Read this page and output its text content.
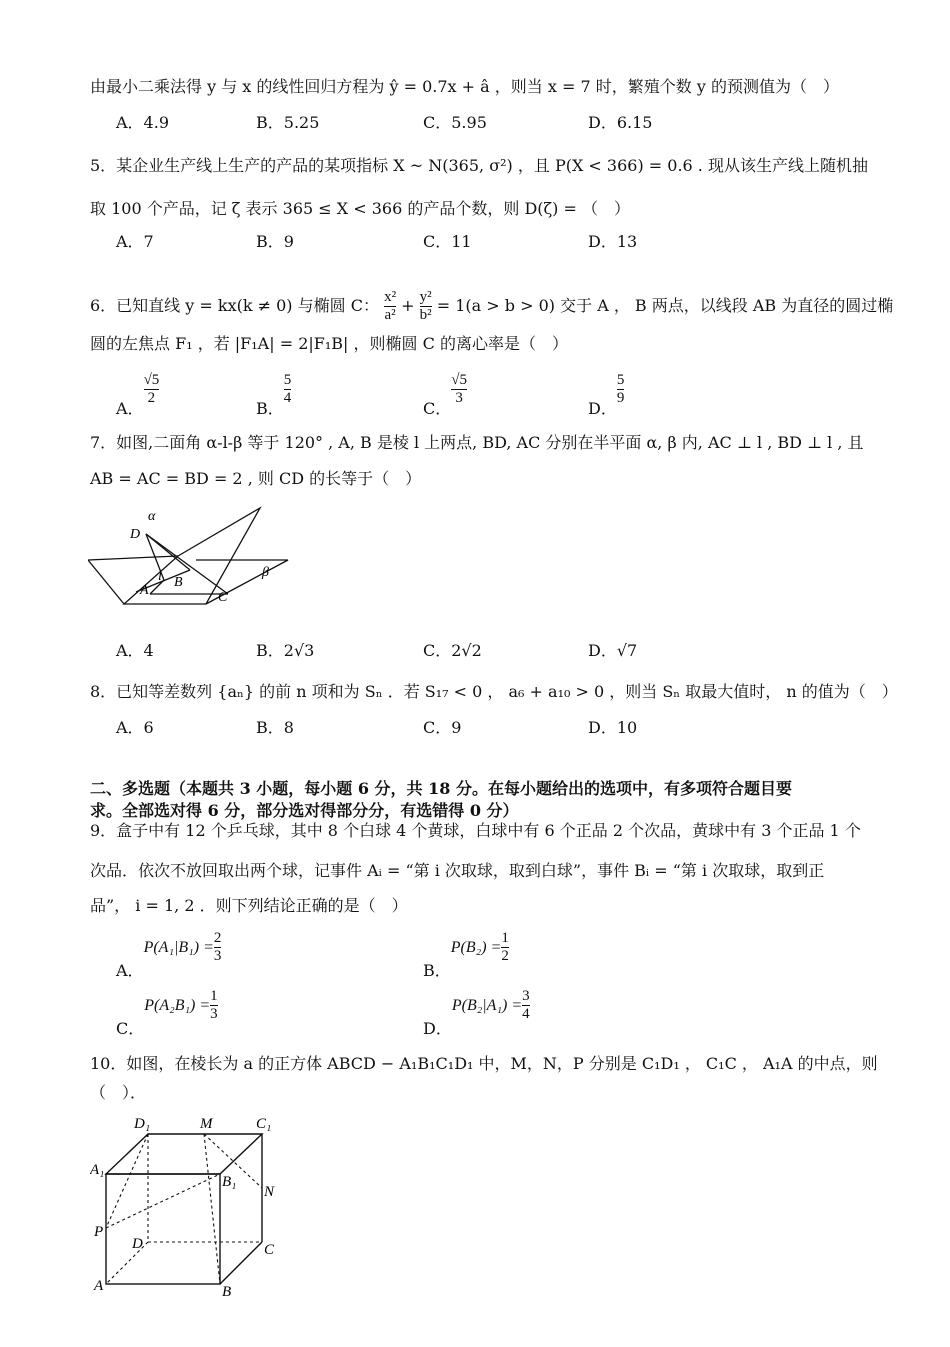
由最小二乘法得 y 与 x 的线性回归方程为 ŷ = 0.7x + â ，则当 x = 7 时，繁殖个数 y 的预测值为（　）
A．4.9	B．5.25	C．5.95	D．6.15
5．某企业生产线上生产的产品的某项指标 X ~ N(365, σ²) ，且 P(X < 366) = 0.6 . 现从该生产线上随机抽
取 100 个产品，记 ζ 表示 365 ≤ X < 366 的产品个数，则 D(ζ) = （　）
A．7	B．9	C．11	D．13
6．已知直线 y = kx(k ≠ 0) 与椭圆 C： $\frac{\text{x²}}{\text{a²}} + \frac{\text{y²}}{\text{b²}} = 1(a > b > 0)$ 交于 A ， B 两点，以线段 AB 为直径的圆过椭
圆的左焦点 F₁ ，若 |F₁A| = 2|F₁B| ，则椭圆 C 的离心率是（　）
A．
$\frac{√5}{2}$
B．
$\frac{5}{4}$
C．
$\frac{√5}{3}$
D．
$\frac{5}{9}$
7．如图,二面角 α-l-β 等于 120° , A, B 是棱 l 上两点, BD, AC 分别在半平面 α, β 内, AC ⊥ l , BD ⊥ l , 且
AB = AC = BD = 2 , 则 CD 的长等于（　）
α
D
A
l B
C
β
A．4	B．2√3	C．2√2	D．√7
8．已知等差数列 {aₙ} 的前 n 项和为 Sₙ ．若 S₁₇ < 0 ， a₆ + a₁₀ > 0 ，则当 Sₙ 取最大值时， n 的值为（　）
A．6	B．8	C．9	D．10
二、多选题（本题共 3 小题，每小题 6 分，共 18 分。在每小题给出的选项中，有多项符合题目要
求。全部选对得 6 分，部分选对得部分分，有选错得 0 分）
9．盒子中有 12 个乒乓球，其中 8 个白球 4 个黄球，白球中有 6 个正品 2 个次品，黄球中有 3 个正品 1 个
次品．依次不放回取出两个球，记事件 Aᵢ = “第 i 次取球，取到白球”，事件 Bᵢ = “第 i 次取球，取到正
品”， i = 1, 2 ．则下列结论正确的是（　）
A．$P(A_1|B_1) = \frac{2}{3}$
B．$P(B_2) = \frac{1}{2}$
C．$P(A_2B_1) = \frac{1}{3}$
D．$P(B_2|A_1) = \frac{3}{4}$
10．如图，在棱长为 a 的正方体 ABCD − A₁B₁C₁D₁ 中，M，N，P 分别是 C₁D₁ ， C₁C ， A₁A 的中点，则
（　）．
D₁	M	C₁
A₁
B₁
N
P
D	C
A	B
